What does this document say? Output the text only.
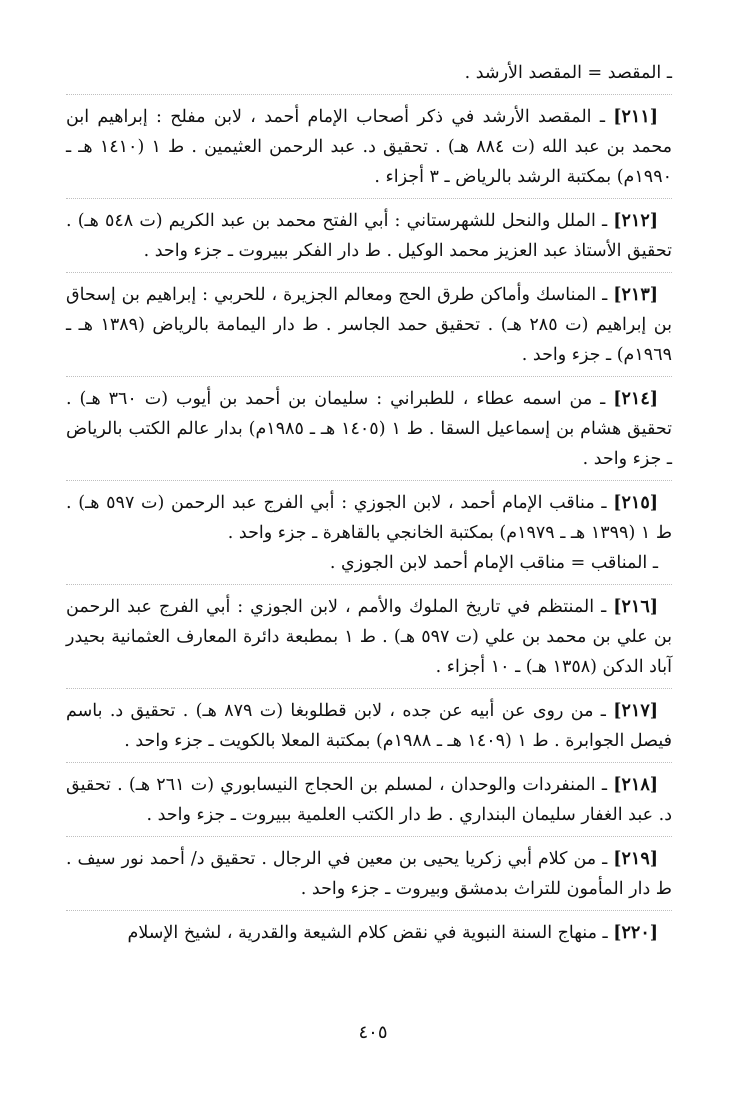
ـ المقصد = المقصد الأرشد .

[٢١١] ـ المقصد الأرشد في ذكر أصحاب الإمام أحمد ، لابن مفلح : إبراهيم ابن محمد بن عبد الله (ت ٨٨٤ هـ) . تحقيق د. عبد الرحمن العثيمين . ط ١ (١٤١٠ هـ ـ ١٩٩٠م) بمكتبة الرشد بالرياض ـ ٣ أجزاء .

[٢١٢] ـ الملل والنحل للشهرستاني : أبي الفتح محمد بن عبد الكريم (ت ٥٤٨ هـ) . تحقيق الأستاذ عبد العزيز محمد الوكيل . ط دار الفكر ببيروت ـ جزء واحد .

[٢١٣] ـ المناسك وأماكن طرق الحج ومعالم الجزيرة ، للحربي : إبراهيم بن إسحاق بن إبراهيم (ت ٢٨٥ هـ) . تحقيق حمد الجاسر . ط دار اليمامة بالرياض (١٣٨٩ هـ ـ ١٩٦٩م) ـ جزء واحد .

[٢١٤] ـ من اسمه عطاء ، للطبراني : سليمان بن أحمد بن أيوب (ت ٣٦٠ هـ) . تحقيق هشام بن إسماعيل السقا . ط ١ (١٤٠٥ هـ ـ ١٩٨٥م) بدار عالم الكتب بالرياض ـ جزء واحد .

[٢١٥] ـ مناقب الإمام أحمد ، لابن الجوزي : أبي الفرج عبد الرحمن (ت ٥٩٧ هـ) . ط ١ (١٣٩٩ هـ ـ ١٩٧٩م) بمكتبة الخانجي بالقاهرة ـ جزء واحد .

ـ المناقب = مناقب الإمام أحمد لابن الجوزي .

[٢١٦] ـ المنتظم في تاريخ الملوك والأمم ، لابن الجوزي : أبي الفرج عبد الرحمن بن علي بن محمد بن علي (ت ٥٩٧ هـ) . ط ١ بمطبعة دائرة المعارف العثمانية بحيدر آباد الدكن (١٣٥٨ هـ) ـ ١٠ أجزاء .

[٢١٧] ـ من روى عن أبيه عن جده ، لابن قطلوبغا (ت ٨٧٩ هـ) . تحقيق د. باسم فيصل الجوابرة . ط ١ (١٤٠٩ هـ ـ ١٩٨٨م) بمكتبة المعلا بالكويت ـ جزء واحد .

[٢١٨] ـ المنفردات والوحدان ، لمسلم بن الحجاج النيسابوري (ت ٢٦١ هـ) . تحقيق د. عبد الغفار سليمان البنداري . ط دار الكتب العلمية ببيروت ـ جزء واحد .

[٢١٩] ـ من كلام أبي زكريا يحيى بن معين في الرجال . تحقيق د/ أحمد نور سيف . ط دار المأمون للتراث بدمشق وبيروت ـ جزء واحد .

[٢٢٠] ـ منهاج السنة النبوية في نقض كلام الشيعة والقدرية ، لشيخ الإسلام

٤٠٥
